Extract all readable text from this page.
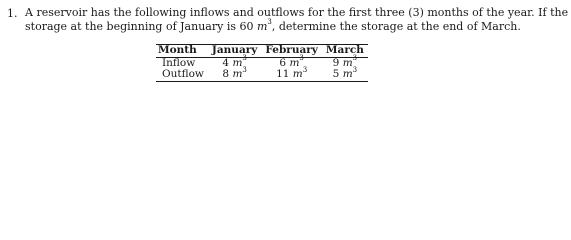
1. A reservoir has the following inflows and outflows for the first three (3) months of the year. If the
storage at the beginning of January is 60 $m^3$, determine the storage at the end of March.
Month	January	February	March
Inflow	4 $m^3$	6 $m^3$	9 $m^3$
Outflow	8 $m^3$	11 $m^3$	5 $m^3$
